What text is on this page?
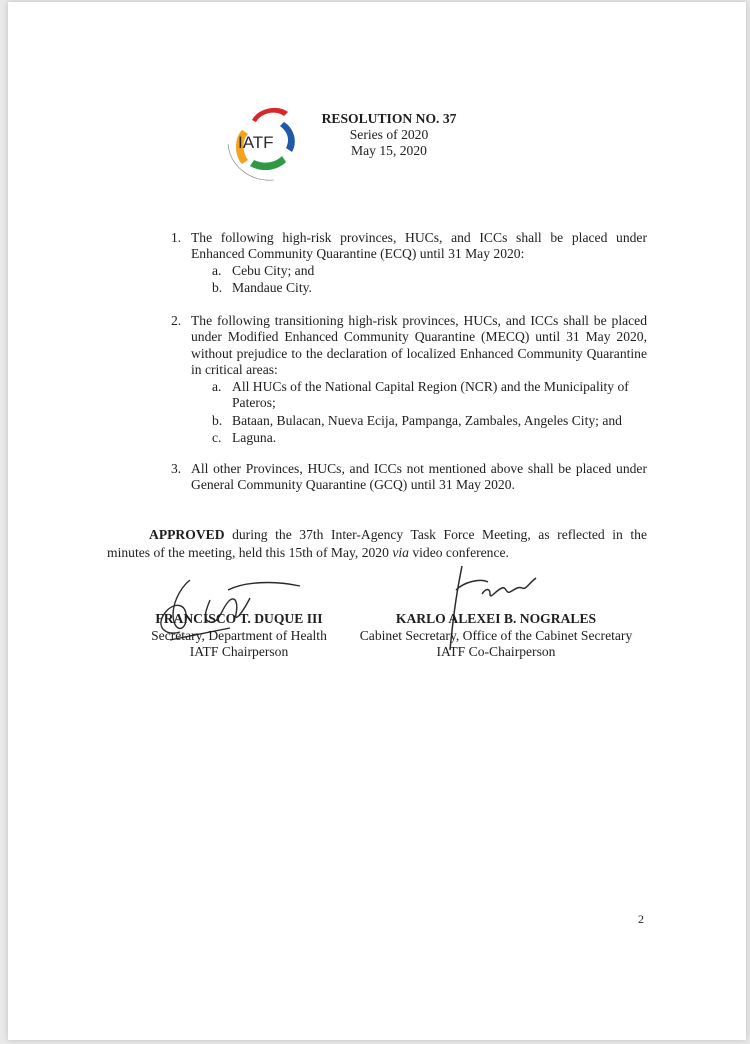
IATF
RESOLUTION NO. 37
Series of 2020
May 15, 2020
1. The following high-risk provinces, HUCs, and ICCs shall be placed under Enhanced Community Quarantine (ECQ) until 31 May 2020:
a. Cebu City; and
b. Mandaue City.
2. The following transitioning high-risk provinces, HUCs, and ICCs shall be placed under Modified Enhanced Community Quarantine (MECQ) until 31 May 2020, without prejudice to the declaration of localized Enhanced Community Quarantine in critical areas:
a. All HUCs of the National Capital Region (NCR) and the Municipality of Pateros;
b. Bataan, Bulacan, Nueva Ecija, Pampanga, Zambales, Angeles City; and
c. Laguna.
3. All other Provinces, HUCs, and ICCs not mentioned above shall be placed under General Community Quarantine (GCQ) until 31 May 2020.
APPROVED during the 37th Inter-Agency Task Force Meeting, as reflected in the minutes of the meeting, held this 15th of May, 2020 via video conference.
FRANCISCO T. DUQUE III
Secretary, Department of Health
IATF Chairperson
KARLO ALEXEI B. NOGRALES
Cabinet Secretary, Office of the Cabinet Secretary
IATF Co-Chairperson
2
